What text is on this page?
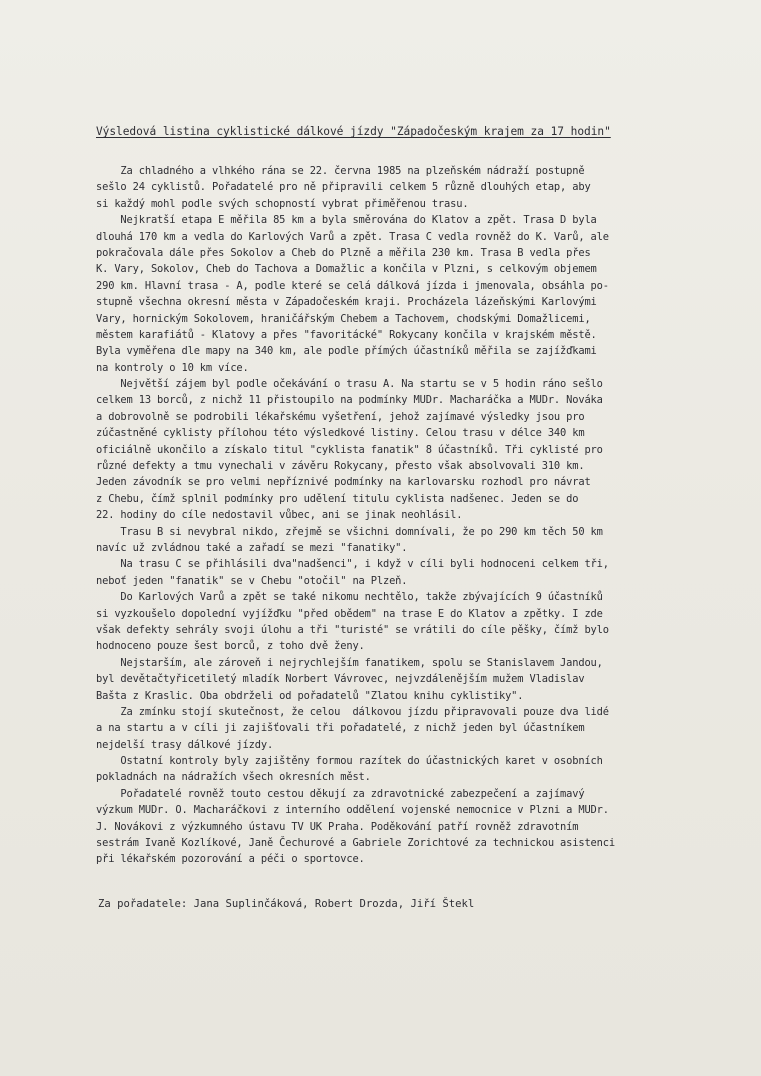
Výsledová listina cyklistické dálkové jízdy "Západočeským krajem za 17 hodin"
Za chladného a vlhkého rána se 22. června 1985 na plzeňském nádraží postupně
sešlo 24 cyklistů. Pořadatelé pro ně připravili celkem 5 různě dlouhých etap, aby
si každý mohl podle svých schopností vybrat přiměřenou trasu.
Nejkratší etapa E měřila 85 km a byla směrována do Klatov a zpět. Trasa D byla
dlouhá 170 km a vedla do Karlových Varů a zpět. Trasa C vedla rovněž do K. Varů, ale
pokračovala dále přes Sokolov a Cheb do Plzně a měřila 230 km. Trasa B vedla přes
K. Vary, Sokolov, Cheb do Tachova a Domažlic a končila v Plzni, s celkovým objemem
290 km. Hlavní trasa - A, podle které se celá dálková jízda i jmenovala, obsáhla po-
stupně všechna okresní města v Západočeském kraji. Procházela lázeňskými Karlovými
Vary, hornickým Sokolovem, hraničářským Chebem a Tachovem, chodskými Domažlicemi,
městem karafiátů - Klatovy a přes "favoritácké" Rokycany končila v krajském městě.
Byla vyměřena dle mapy na 340 km, ale podle přímých účastníků měřila se zajížďkami
na kontroly o 10 km více.
Největší zájem byl podle očekávání o trasu A. Na startu se v 5 hodin ráno sešlo
celkem 13 borců, z nichž 11 přistoupilo na podmínky MUDr. Macharáčka a MUDr. Nováka
a dobrovolně se podrobili lékařskému vyšetření, jehož zajímavé výsledky jsou pro
zúčastněné cyklisty přílohou této výsledkové listiny. Celou trasu v délce 340 km
oficiálně ukončilo a získalo titul "cyklista fanatik" 8 účastníků. Tři cyklisté pro
různé defekty a tmu vynechali v závěru Rokycany, přesto však absolvovali 310 km.
Jeden závodník se pro velmi nepříznivé podmínky na karlovarsku rozhodl pro návrat
z Chebu, čímž splnil podmínky pro udělení titulu cyklista nadšenec. Jeden se do
22. hodiny do cíle nedostavil vůbec, ani se jinak neohlásil.
Trasu B si nevybral nikdo, zřejmě se všichni domnívali, že po 290 km těch 50 km
navíc už zvládnou také a zařadí se mezi "fanatiky".
Na trasu C se přihlásili dva"nadšenci", i když v cíli byli hodnoceni celkem tři,
neboť jeden "fanatik" se v Chebu "otočil" na Plzeň.
Do Karlových Varů a zpět se také nikomu nechtělo, takže zbývajících 9 účastníků
si vyzkoušelo dopolední vyjížďku "před obědem" na trase E do Klatov a zpětky. I zde
však defekty sehrály svoji úlohu a tři "turisté" se vrátili do cíle pěšky, čímž bylo
hodnoceno pouze šest borců, z toho dvě ženy.
Nejstarším, ale zároveň i nejrychlejším fanatikem, spolu se Stanislavem Jandou,
byl devětačtyřicetiletý mladík Norbert Vávrovec, nejvzdálenějším mužem Vladislav
Bašta z Kraslic. Oba obdrželi od pořadatelů "Zlatou knihu cyklistiky".
Za zmínku stojí skutečnost, že celou  dálkovou jízdu připravovali pouze dva lidé
a na startu a v cíli ji zajišťovali tři pořadatelé, z nichž jeden byl účastníkem
nejdelší trasy dálkové jízdy.
Ostatní kontroly byly zajištěny formou razítek do účastnických karet v osobních
pokladnách na nádražích všech okresních měst.
Pořadatelé rovněž touto cestou děkují za zdravotnické zabezpečení a zajímavý
výzkum MUDr. O. Macharáčkovi z interního oddělení vojenské nemocnice v Plzni a MUDr.
J. Novákovi z výzkumného ústavu TV UK Praha. Poděkování patří rovněž zdravotním
sestrám Ivaně Kozlíkové, Janě Čechurové a Gabriele Zorichtové za technickou asistenci
při lékařském pozorování a péči o sportovce.
Za pořadatele: Jana Suplinčáková, Robert Drozda, Jiří Štekl
